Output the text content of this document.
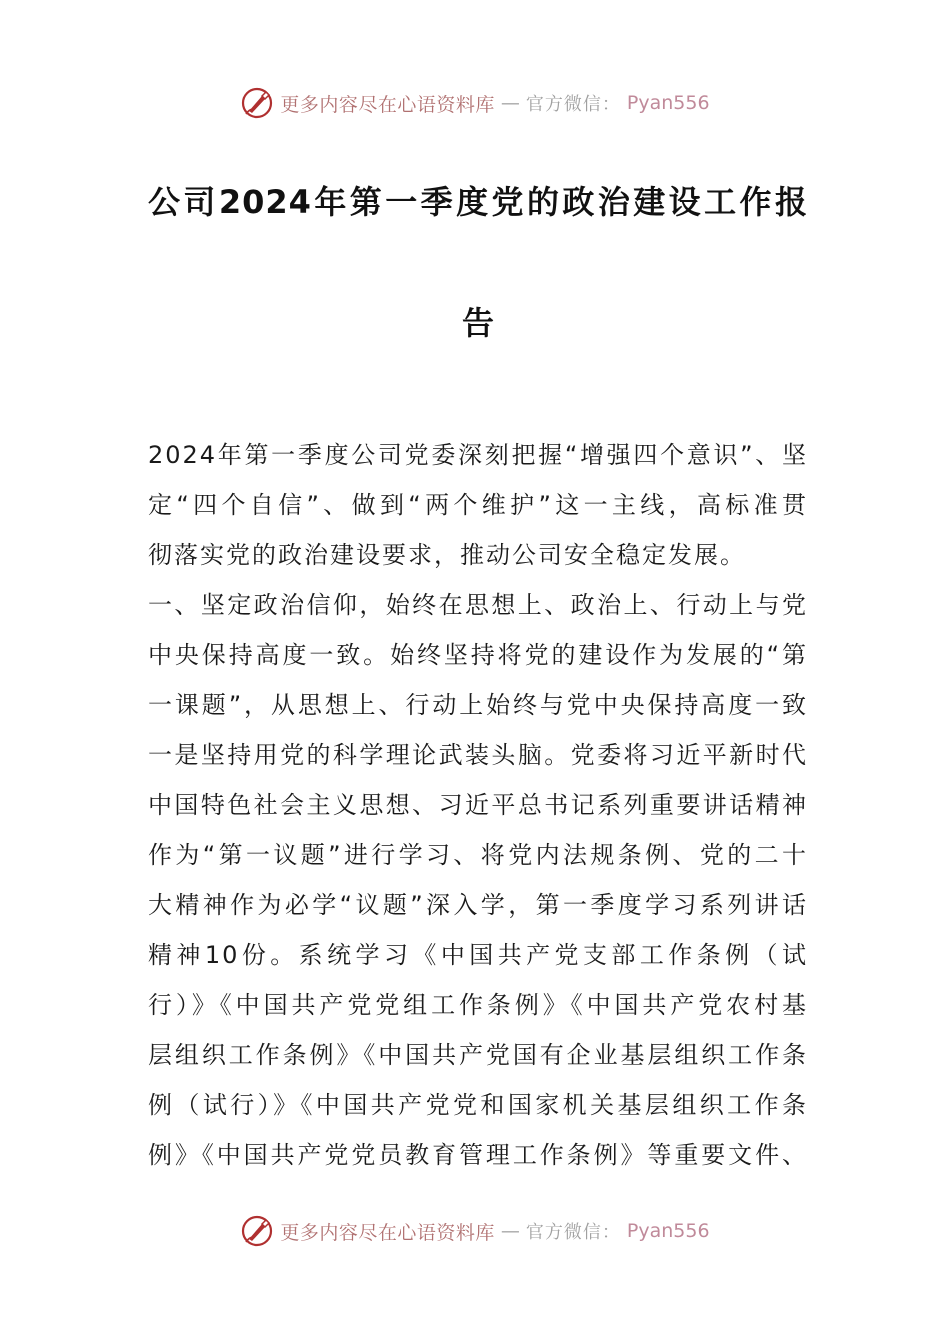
更多内容尽在心语资料库 — 官方微信： Pyan556
公司2024年第一季度党的政治建设工作报
告
2024年第一季度公司党委深刻把握“增强四个意识”、坚
定“四个自信”、做到“两个维护”这一主线，高标准贯
彻落实党的政治建设要求，推动公司安全稳定发展。
一、坚定政治信仰，始终在思想上、政治上、行动上与党
中央保持高度一致。始终坚持将党的建设作为发展的“第
一课题”，从思想上、行动上始终与党中央保持高度一致
一是坚持用党的科学理论武装头脑。党委将习近平新时代
中国特色社会主义思想、习近平总书记系列重要讲话精神
作为“第一议题”进行学习、将党内法规条例、党的二十
大精神作为必学“议题”深入学，第一季度学习系列讲话
精神10份。系统学习《中国共产党支部工作条例（试
行）》《中国共产党党组工作条例》《中国共产党农村基
层组织工作条例》《中国共产党国有企业基层组织工作条
例（试行）》《中国共产党党和国家机关基层组织工作条
例》《中国共产党党员教育管理工作条例》等重要文件、
更多内容尽在心语资料库 — 官方微信： Pyan556
